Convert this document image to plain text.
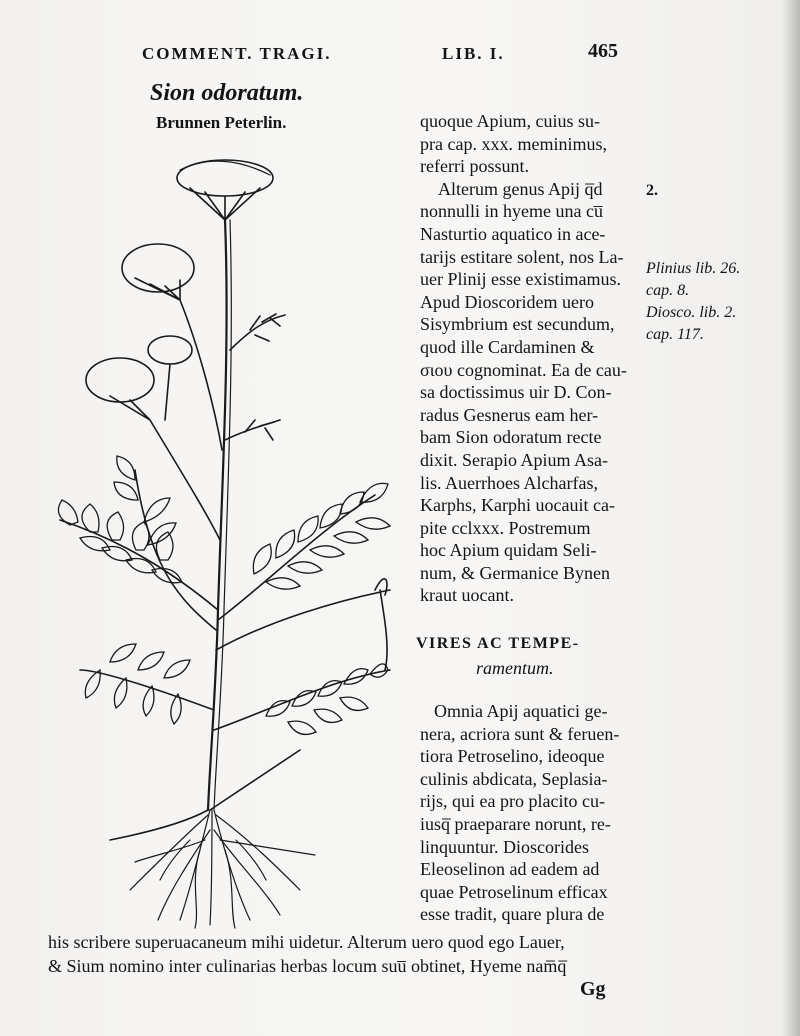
COMMENT. TRAGI.	LIB. I.	465
Sion odoratum.
Brunnen Peterlin.	quoque Apium, cuius su-
pra cap. xxx. meminimus,
referri possunt.
Alterum genus Apij q̅d
nonnulli in hyeme una cu̅
Nasturtio aquatico in ace-
tarijs estitare solent, nos La-
uer Plinij esse existimamus.
Apud Dioscoridem uero
Sisymbrium est secundum,
quod ille Cardaminen &
σιου cognominat. Ea de cau-
sa doctissimus uir D. Con-
radus Gesnerus eam her-
bam Sion odoratum recte
dixit. Serapio Apium Asa-
lis. Auerrhoes Alcharfas,
Karphs, Karphi uocauit ca-
pite cclxxx. Postremum
hoc Apium quidam Seli-
num, & Germanice Bynen
kraut uocant.
2.
Plinius lib. 26.
cap. 8.
Diosco. lib. 2.
cap. 117.
VIRES AC TEMPE-
ramentum.
Omnia Apij aquatici ge-
nera, acriora sunt & feruen-
tiora Petroselino, ideoque
culinis abdicata, Seplasia-
rijs, qui ea pro placito cu-
iusq̅ praeparare norunt, re-
linquuntur. Dioscorides
Eleoselinon ad eadem ad
quae Petroselinum efficax
esse tradit, quare plura de
his scribere superuacaneum mihi uidetur. Alterum uero quod ego Lauer,
& Sium nomino inter culinarias herbas locum suu̅ obtinet, Hyeme nam̅q̅
Gg
